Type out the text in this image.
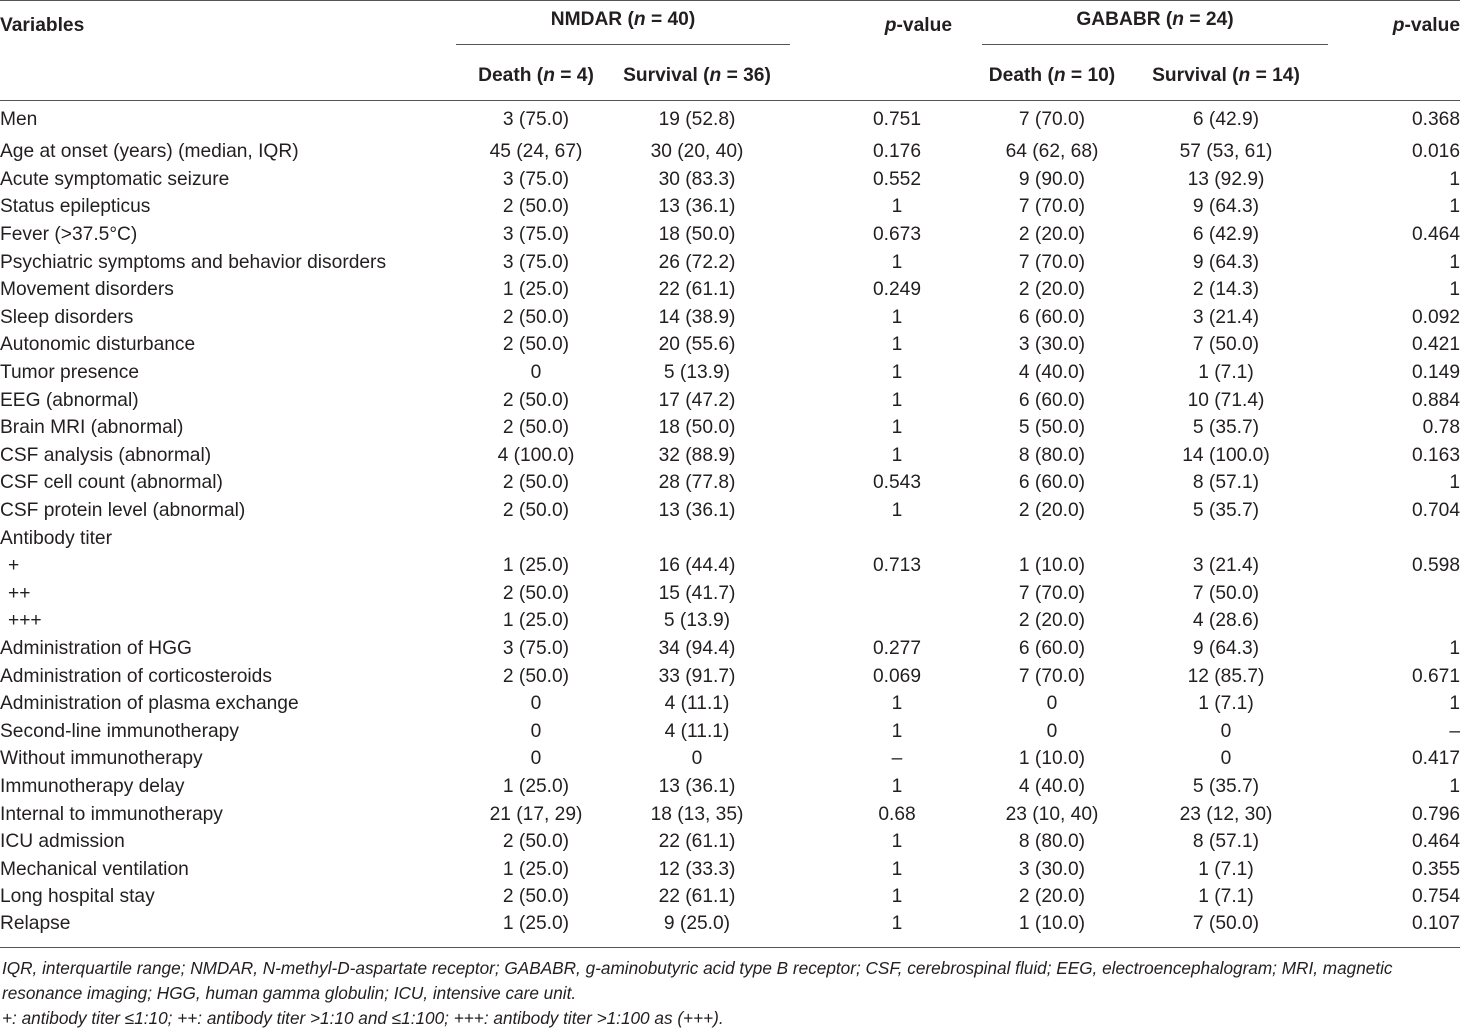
Variables	NMDAR (n = 40)		p-value	GABABR (n = 24)		p-value
	Death (n = 4)	Survival (n = 36)		Death (n = 10)	Survival (n = 14)	
Men	3 (75.0)	19 (52.8)	0.751	7 (70.0)	6 (42.9)	0.368
Age at onset (years) (median, IQR)	45 (24, 67)	30 (20, 40)	0.176	64 (62, 68)	57 (53, 61)	0.016
Acute symptomatic seizure	3 (75.0)	30 (83.3)	0.552	9 (90.0)	13 (92.9)	1
Status epilepticus	2 (50.0)	13 (36.1)	1	7 (70.0)	9 (64.3)	1
Fever (>37.5°C)	3 (75.0)	18 (50.0)	0.673	2 (20.0)	6 (42.9)	0.464
Psychiatric symptoms and behavior disorders	3 (75.0)	26 (72.2)	1	7 (70.0)	9 (64.3)	1
Movement disorders	1 (25.0)	22 (61.1)	0.249	2 (20.0)	2 (14.3)	1
Sleep disorders	2 (50.0)	14 (38.9)	1	6 (60.0)	3 (21.4)	0.092
Autonomic disturbance	2 (50.0)	20 (55.6)	1	3 (30.0)	7 (50.0)	0.421
Tumor presence	0	5 (13.9)	1	4 (40.0)	1 (7.1)	0.149
EEG (abnormal)	2 (50.0)	17 (47.2)	1	6 (60.0)	10 (71.4)	0.884
Brain MRI (abnormal)	2 (50.0)	18 (50.0)	1	5 (50.0)	5 (35.7)	0.78
CSF analysis (abnormal)	4 (100.0)	32 (88.9)	1	8 (80.0)	14 (100.0)	0.163
CSF cell count (abnormal)	2 (50.0)	28 (77.8)	0.543	6 (60.0)	8 (57.1)	1
CSF protein level (abnormal)	2 (50.0)	13 (36.1)	1	2 (20.0)	5 (35.7)	0.704
Antibody titer						
+	1 (25.0)	16 (44.4)	0.713	1 (10.0)	3 (21.4)	0.598
++	2 (50.0)	15 (41.7)		7 (70.0)	7 (50.0)	
+++	1 (25.0)	5 (13.9)		2 (20.0)	4 (28.6)	
Administration of HGG	3 (75.0)	34 (94.4)	0.277	6 (60.0)	9 (64.3)	1
Administration of corticosteroids	2 (50.0)	33 (91.7)	0.069	7 (70.0)	12 (85.7)	0.671
Administration of plasma exchange	0	4 (11.1)	1	0	1 (7.1)	1
Second-line immunotherapy	0	4 (11.1)	1	0	0	–
Without immunotherapy	0	0	–	1 (10.0)	0	0.417
Immunotherapy delay	1 (25.0)	13 (36.1)	1	4 (40.0)	5 (35.7)	1
Internal to immunotherapy	21 (17, 29)	18 (13, 35)	0.68	23 (10, 40)	23 (12, 30)	0.796
ICU admission	2 (50.0)	22 (61.1)	1	8 (80.0)	8 (57.1)	0.464
Mechanical ventilation	1 (25.0)	12 (33.3)	1	3 (30.0)	1 (7.1)	0.355
Long hospital stay	2 (50.0)	22 (61.1)	1	2 (20.0)	1 (7.1)	0.754
Relapse	1 (25.0)	9 (25.0)	1	1 (10.0)	7 (50.0)	0.107

IQR, interquartile range; NMDAR, N-methyl-D-aspartate receptor; GABABR, g-aminobutyric acid type B receptor; CSF, cerebrospinal fluid; EEG, electroencephalogram; MRI, magnetic resonance imaging; HGG, human gamma globulin; ICU, intensive care unit.

+: antibody titer ≤1:10; ++: antibody titer >1:10 and ≤1:100; +++: antibody titer >1:100 as (+++).
